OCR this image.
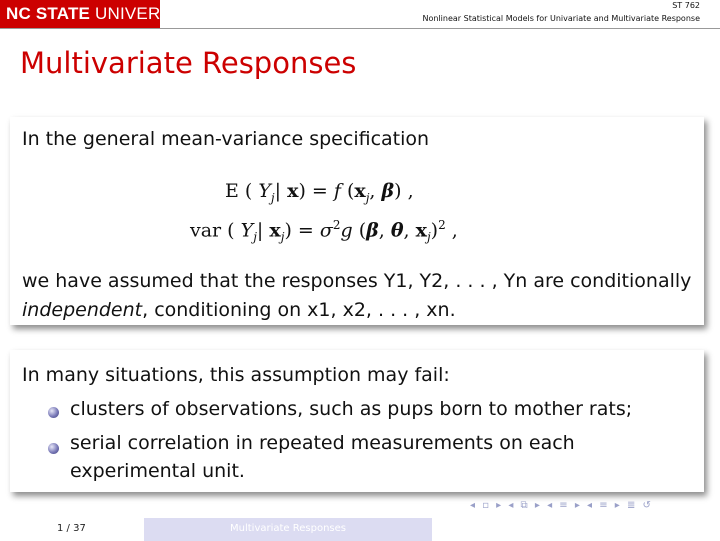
NC STATE UNIVERSITY	ST 762
Nonlinear Statistical Models for Univariate and Multivariate Response
Multivariate Responses
In the general mean-variance specification
E ( $Y_j|$ x) = f ($x_j$, β) ,
var ( $Y_j|$ $x_j) = \sigma^2g$ (β, θ, $x_j)^2$ ,
we have assumed that the responses Y1, Y2, . . . , Yn are conditionally
independent, conditioning on x1, x2, . . . , xn.
In many situations, this assumption may fail:
clusters of observations, such as pups born to mother rats;
serial correlation in repeated measurements on each
experimental unit.
◂ ▫ ▸ ◂ ⧉ ▸ ◂ ≡ ▸ ◂ ≡ ▸ ≣ ↺
1 / 37	Multivariate Responses
